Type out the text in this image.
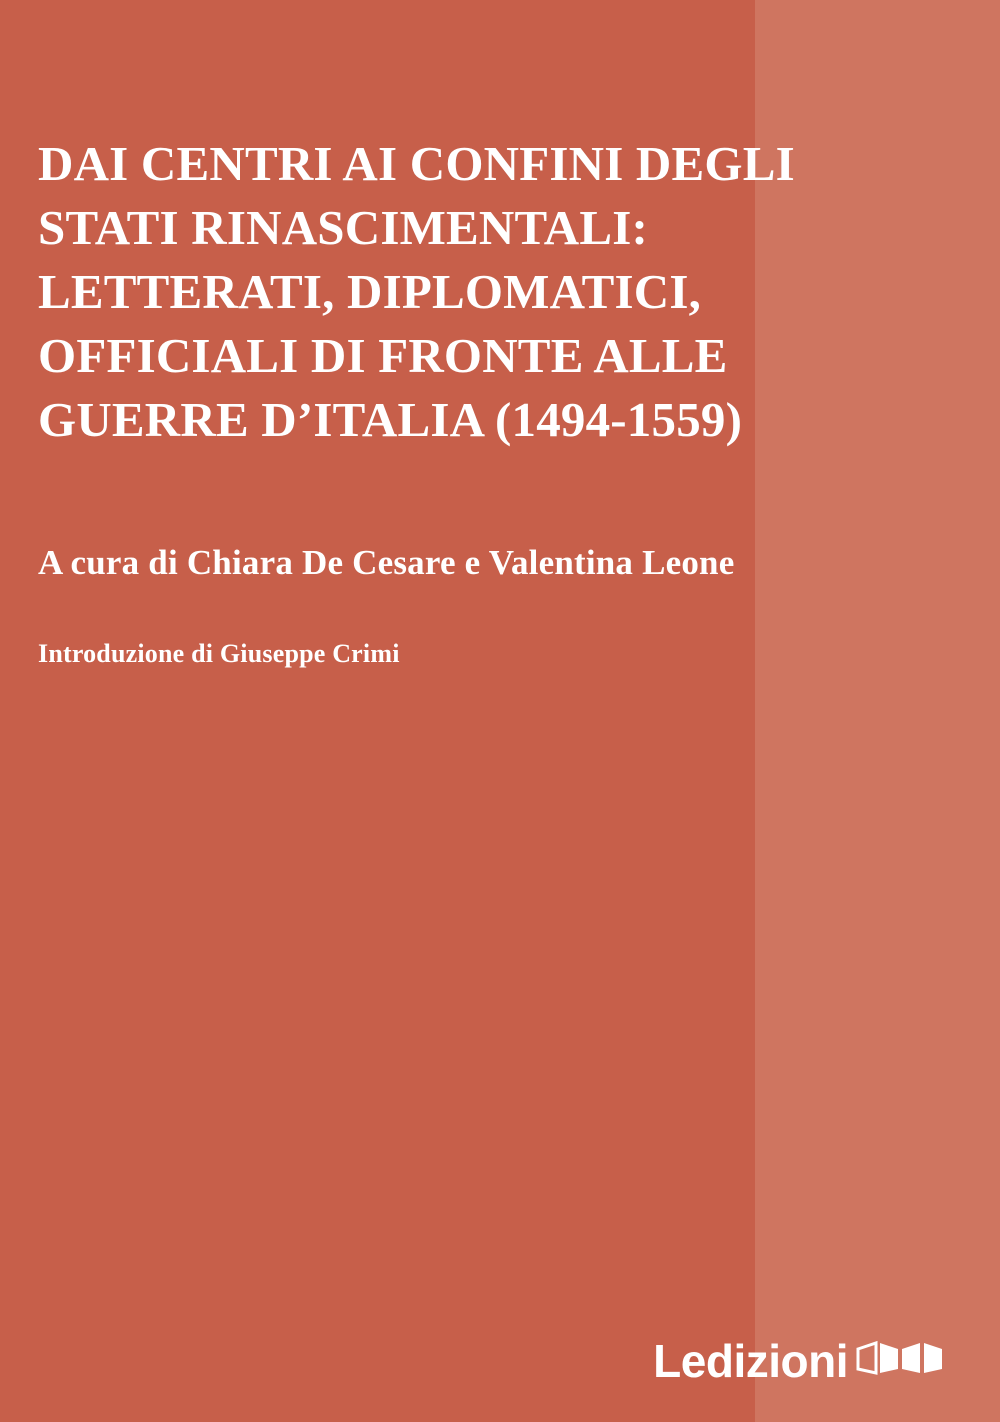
DAI CENTRI AI CONFINI DEGLI STATI RINASCIMENTALI: LETTERATI, DIPLOMATICI, OFFICIALI DI FRONTE ALLE GUERRE D’ITALIA (1494-1559)
A cura di Chiara De Cesare e Valentina Leone
Introduzione di Giuseppe Crimi
Ledizioni
